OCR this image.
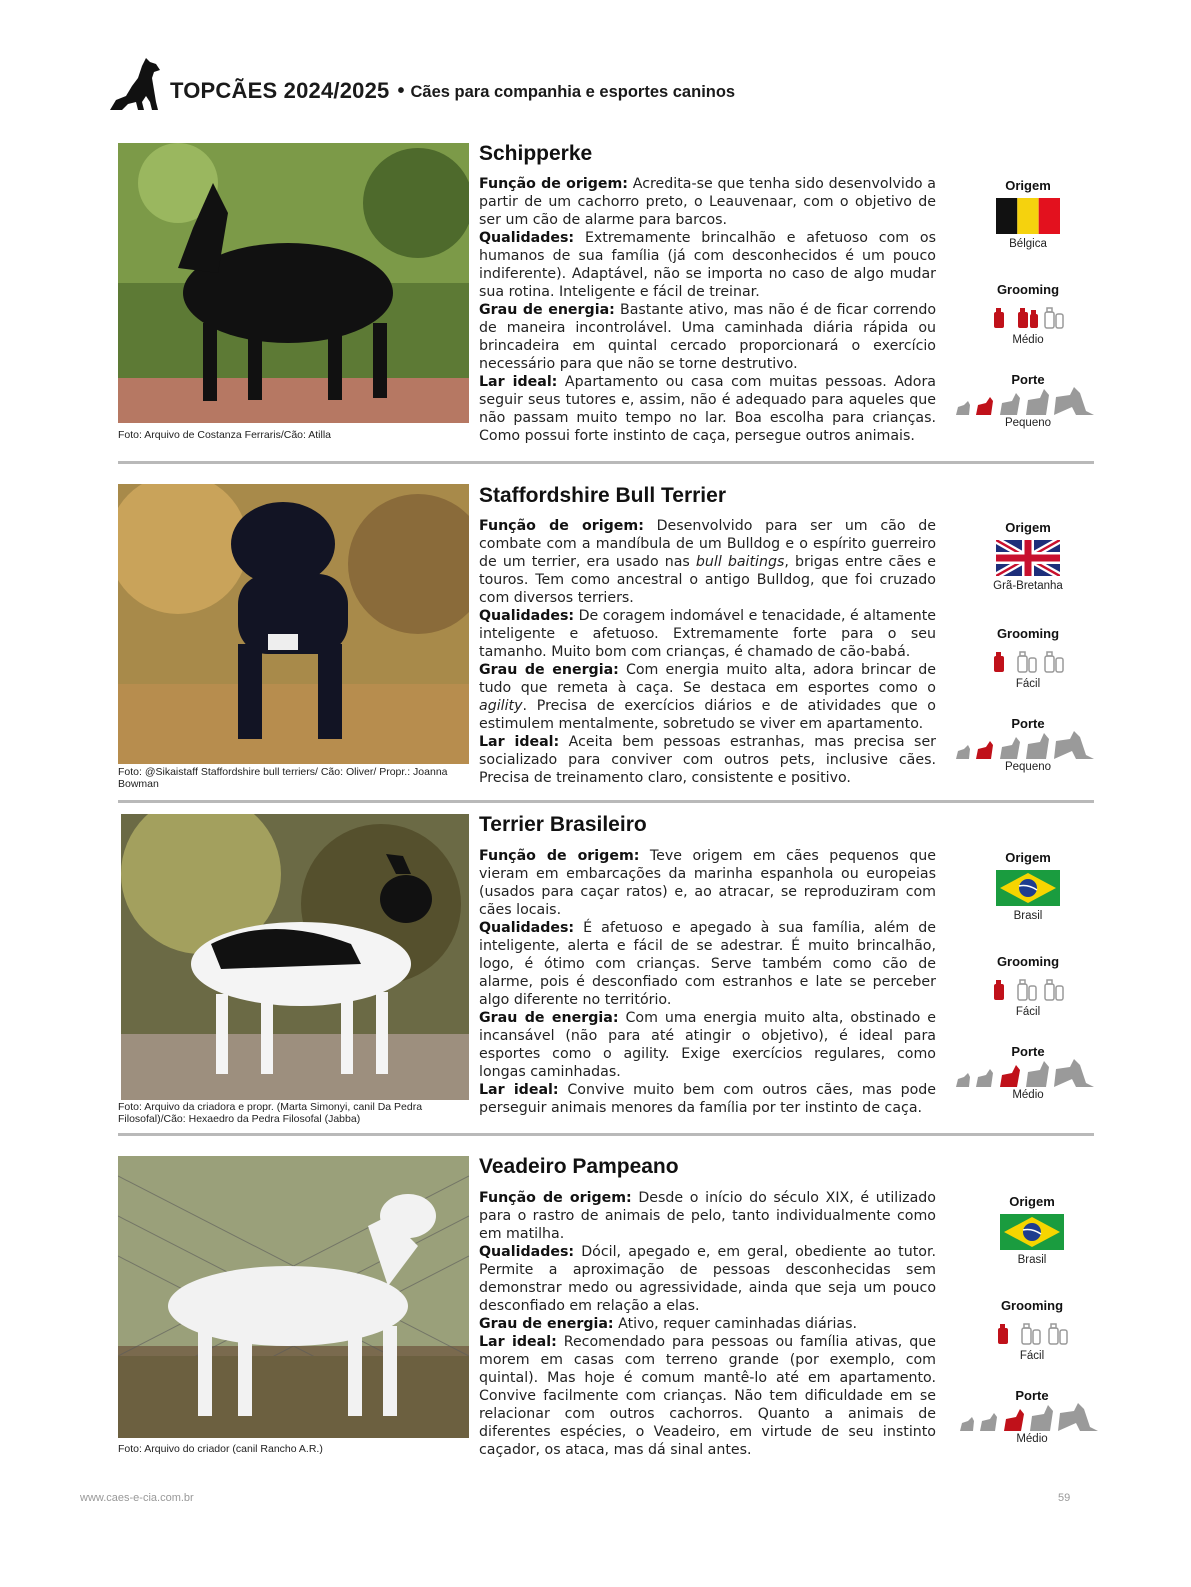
TOPCÃES 2024/2025 • Cães para companhia e esportes caninos
Foto: Arquivo de Costanza Ferraris/Cão: Atilla
Schipperke

Função de origem: Acredita-se que tenha sido desenvolvido a partir de um cachorro preto, o Leauvenaar, com o objetivo de ser um cão de alarme para barcos.

Qualidades: Extremamente brincalhão e afetuoso com os humanos de sua família (já com desconhecidos é um pouco indiferente). Adaptável, não se importa no caso de algo mudar sua rotina. Inteligente e fácil de treinar.

Grau de energia: Bastante ativo, mas não é de ficar correndo de maneira incontrolável. Uma caminhada diária rápida ou brincadeira em quintal cercado proporcionará o exercício necessário para que não se torne destrutivo.

Lar ideal: Apartamento ou casa com muitas pessoas. Adora seguir seus tutores e, assim, não é adequado para aqueles que não passam muito tempo no lar. Boa escolha para crianças. Como possui forte instinto de caça, persegue outros animais.

Origem
Bélgica
Grooming
Médio
Porte
Pequeno
Foto: @Sikaistaff Staffordshire bull terriers/ Cão: Oliver/ Propr.: Joanna Bowman
Staffordshire Bull Terrier

Função de origem: Desenvolvido para ser um cão de combate com a mandíbula de um Bulldog e o espírito guerreiro de um terrier, era usado nas bull baitings, brigas entre cães e touros. Tem como ancestral o antigo Bulldog, que foi cruzado com diversos terriers.

Qualidades: De coragem indomável e tenacidade, é altamente inteligente e afetuoso. Extremamente forte para o seu tamanho. Muito bom com crianças, é chamado de cão-babá.

Grau de energia: Com energia muito alta, adora brincar de tudo que remeta à caça. Se destaca em esportes como o agility. Precisa de exercícios diários e de atividades que o estimulem mentalmente, sobretudo se viver em apartamento.

Lar ideal: Aceita bem pessoas estranhas, mas precisa ser socializado para conviver com outros pets, inclusive cães. Precisa de treinamento claro, consistente e positivo.

Origem
Grã-Bretanha
Grooming
Fácil
Porte
Pequeno
Foto: Arquivo da criadora e propr. (Marta Simonyi, canil Da Pedra Filosofal)/Cão: Hexaedro da Pedra Filosofal (Jabba)
Terrier Brasileiro

Função de origem: Teve origem em cães pequenos que vieram em embarcações da marinha espanhola ou europeias (usados para caçar ratos) e, ao atracar, se reproduziram com cães locais.

Qualidades: É afetuoso e apegado à sua família, além de inteligente, alerta e fácil de se adestrar. É muito brincalhão, logo, é ótimo com crianças. Serve também como cão de alarme, pois é desconfiado com estranhos e late se perceber algo diferente no território.

Grau de energia: Com uma energia muito alta, obstinado e incansável (não para até atingir o objetivo), é ideal para esportes como o agility. Exige exercícios regulares, como longas caminhadas.

Lar ideal: Convive muito bem com outros cães, mas pode perseguir animais menores da família por ter instinto de caça.

Origem
Brasil
Grooming
Fácil
Porte
Médio
Foto: Arquivo do criador (canil Rancho A.R.)
Veadeiro Pampeano

Função de origem: Desde o início do século XIX, é utilizado para o rastro de animais de pelo, tanto individualmente como em matilha.

Qualidades: Dócil, apegado e, em geral, obediente ao tutor. Permite a aproximação de pessoas desconhecidas sem demonstrar medo ou agressividade, ainda que seja um pouco desconfiado em relação a elas.

Grau de energia: Ativo, requer caminhadas diárias.

Lar ideal: Recomendado para pessoas ou família ativas, que morem em casas com terreno grande (por exemplo, com quintal). Mas hoje é comum mantê-lo até em apartamento. Convive facilmente com crianças. Não tem dificuldade em se relacionar com outros cachorros. Quanto a animais de diferentes espécies, o Veadeiro, em virtude de seu instinto caçador, os ataca, mas dá sinal antes.

Origem
Brasil
Grooming
Fácil
Porte
Médio
www.caes-e-cia.com.br	59
